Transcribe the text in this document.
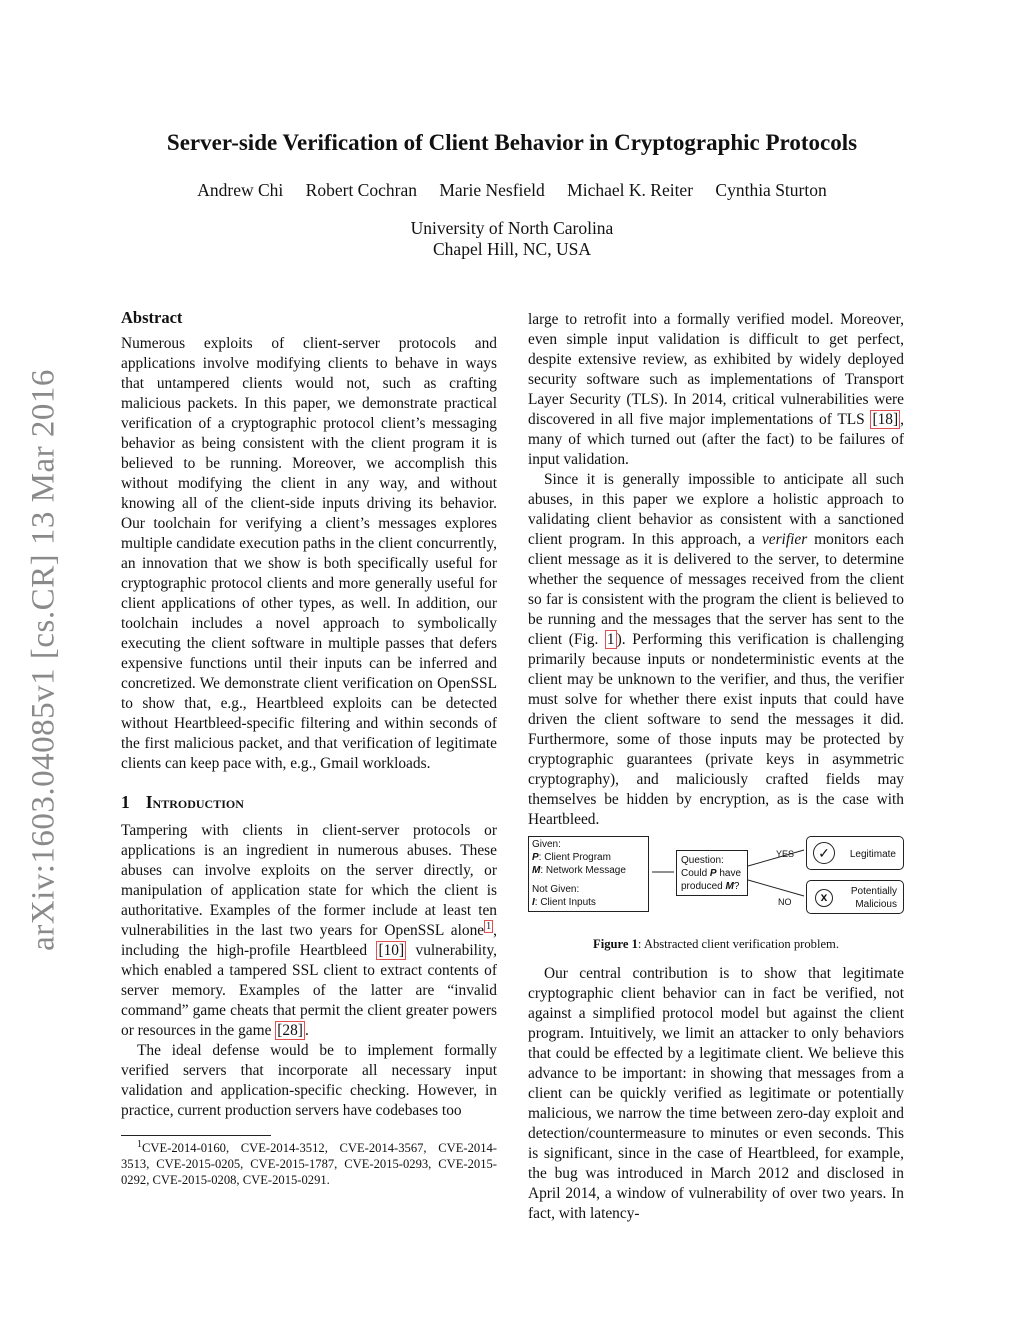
arXiv:1603.04085v1 [cs.CR] 13 Mar 2016
Server-side Verification of Client Behavior in Cryptographic Protocols
Andrew Chi Robert Cochran Marie Nesfield Michael K. Reiter Cynthia Sturton
University of North Carolina
Chapel Hill, NC, USA
Abstract

Numerous exploits of client-server protocols and applications involve modifying clients to behave in ways that untampered clients would not, such as crafting malicious packets. In this paper, we demonstrate practical verification of a cryptographic protocol client’s messaging behavior as being consistent with the client program it is believed to be running. Moreover, we accomplish this without modifying the client in any way, and without knowing all of the client-side inputs driving its behavior. Our toolchain for verifying a client’s messages explores multiple candidate execution paths in the client concurrently, an innovation that we show is both specifically useful for cryptographic protocol clients and more generally useful for client applications of other types, as well. In addition, our toolchain includes a novel approach to symbolically executing the client software in multiple passes that defers expensive functions until their inputs can be inferred and concretized. We demonstrate client verification on OpenSSL to show that, e.g., Heartbleed exploits can be detected without Heartbleed-specific filtering and within seconds of the first malicious packet, and that verification of legitimate clients can keep pace with, e.g., Gmail workloads.

1 Introduction

Tampering with clients in client-server protocols or applications is an ingredient in numerous abuses. These abuses can involve exploits on the server directly, or manipulation of application state for which the client is authoritative. Examples of the former include at least ten vulnerabilities in the last two years for OpenSSL alone $^1$ , including the high-profile Heartbleed [10] vulnerability, which enabled a tampered SSL client to extract contents of server memory. Examples of the latter are “invalid command” game cheats that permit the client greater powers or resources in the game [28] .

The ideal defense would be to implement formally verified servers that incorporate all necessary input validation and application-specific checking. However, in practice, current production servers have codebases too

$^1$CVE-2014-0160, CVE-2014-3512, CVE-2014-3567, CVE-2014-3513, CVE-2015-0205, CVE-2015-1787, CVE-2015-0293, CVE-2015-0292, CVE-2015-0208, CVE-2015-0291.

large to retrofit into a formally verified model. Moreover, even simple input validation is difficult to get perfect, despite extensive review, as exhibited by widely deployed security software such as implementations of Transport Layer Security (TLS). In 2014, critical vulnerabilities were discovered in all five major implementations of TLS [18] , many of which turned out (after the fact) to be failures of input validation.

Since it is generally impossible to anticipate all such abuses, in this paper we explore a holistic approach to validating client behavior as consistent with a sanctioned client program. In this approach, a verifier monitors each client message as it is delivered to the server, to determine whether the sequence of messages received from the client so far is consistent with the program the client is believed to be running and the messages that the server has sent to the client (Fig. 1 ). Performing this verification is challenging primarily because inputs or nondeterministic events at the client may be unknown to the verifier, and thus, the verifier must solve for whether there exist inputs that could have driven the client software to send the messages it did. Furthermore, some of those inputs may be protected by cryptographic guarantees (private keys in asymmetric cryptography), and maliciously crafted fields may themselves be hidden by encryption, as is the case with Heartbleed.

Given:
P: Client Program
M: Network Message
Not Given:
I: Client Inputs
Question:
Could P have
produced M?
YES
NO
✓	Legitimate
x	Potentially
Malicious
Figure 1: Abstracted client verification problem.

Our central contribution is to show that legitimate cryptographic client behavior can in fact be verified, not against a simplified protocol model but against the client program. Intuitively, we limit an attacker to only behaviors that could be effected by a legitimate client. We believe this advance to be important: in showing that messages from a client can be quickly verified as legitimate or potentially malicious, we narrow the time between zero-day exploit and detection/countermeasure to minutes or even seconds. This is significant, since in the case of Heartbleed, for example, the bug was introduced in March 2012 and disclosed in April 2014, a window of vulnerability of over two years. In fact, with latency-
